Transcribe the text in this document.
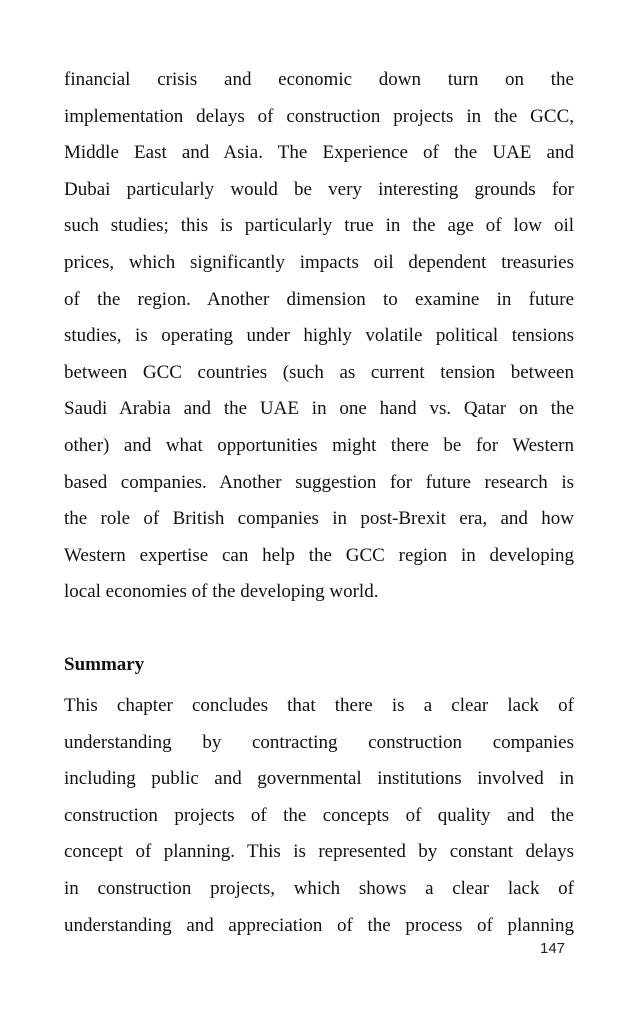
financial crisis and economic down turn on the
implementation delays of construction projects in the GCC,
Middle East and Asia. The Experience of the UAE and
Dubai particularly would be very interesting grounds for
such studies; this is particularly true in the age of low oil
prices, which significantly impacts oil dependent treasuries
of the region. Another dimension to examine in future
studies, is operating under highly volatile political tensions
between GCC countries (such as current tension between
Saudi Arabia and the UAE in one hand vs. Qatar on the
other) and what opportunities might there be for Western
based companies. Another suggestion for future research is
the role of British companies in post-Brexit era, and how
Western expertise can help the GCC region in developing
local economies of the developing world.
Summary
This chapter concludes that there is a clear lack of
understanding by contracting construction companies
including public and governmental institutions involved in
construction projects of the concepts of quality and the
concept of planning. This is represented by constant delays
in construction projects, which shows a clear lack of
understanding and appreciation of the process of planning
147
